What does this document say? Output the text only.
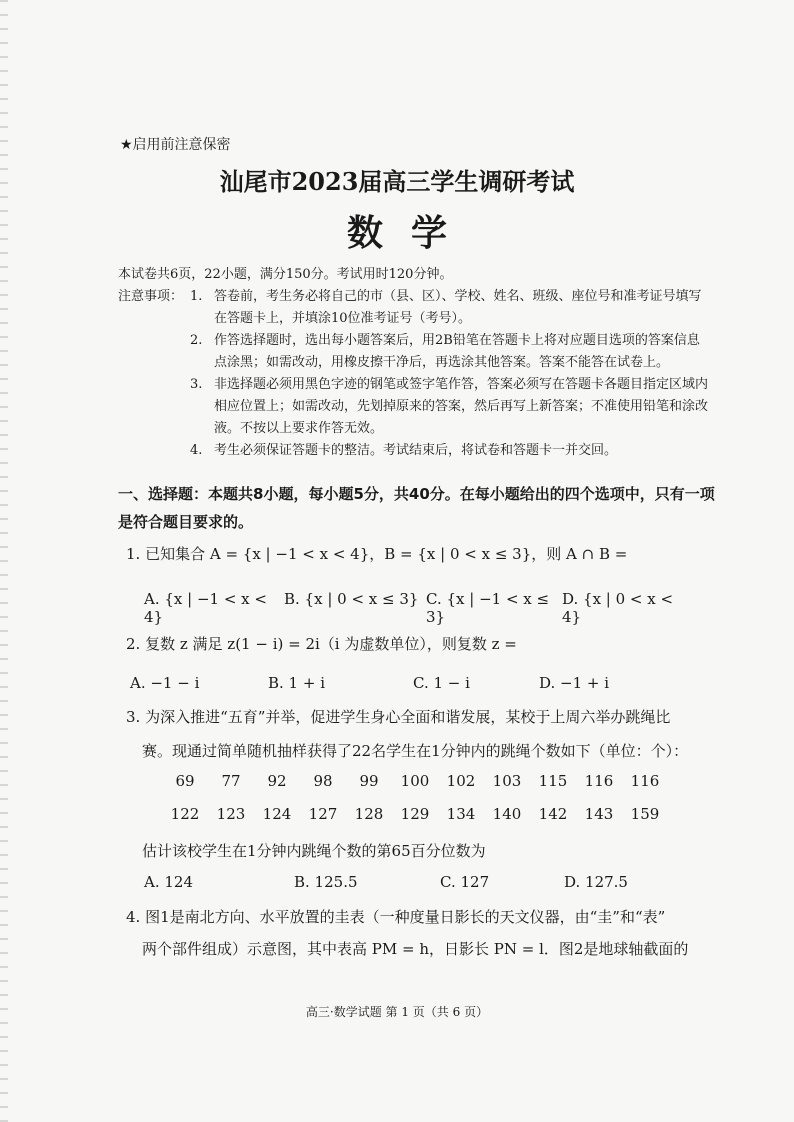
★启用前注意保密
汕尾市2023届高三学生调研考试
数学
本试卷共6页，22小题，满分150分。考试用时120分钟。
注意事项： 1. 答卷前，考生务必将自己的市（县、区）、学校、姓名、班级、座位号和准考证号填写在答题卡上，并填涂10位准考证号（考号）。
2. 作答选择题时，选出每小题答案后，用2B铅笔在答题卡上将对应题目选项的答案信息点涂黑；如需改动，用橡皮擦干净后，再选涂其他答案。答案不能答在试卷上。
3. 非选择题必须用黑色字迹的钢笔或签字笔作答，答案必须写在答题卡各题目指定区域内相应位置上；如需改动，先划掉原来的答案，然后再写上新答案；不准使用铅笔和涂改液。不按以上要求作答无效。
4. 考生必须保证答题卡的整洁。考试结束后，将试卷和答题卡一并交回。
一、选择题：本题共8小题，每小题5分，共40分。在每小题给出的四个选项中，只有一项是符合题目要求的。
1. 已知集合 A = {x | −1 < x < 4}，B = {x | 0 < x ≤ 3}，则 A ∩ B =
A. {x | −1 < x < 4}
B. {x | 0 < x ≤ 3} C. {x | −1 < x ≤ 3}
D. {x | 0 < x < 4}
2. 复数 z 满足 z(1 − i) = 2i（i 为虚数单位），则复数 z =
A. −1 − i	B. 1 + i	C. 1 − i	D. −1 + i
3. 为深入推进“五育”并举，促进学生身心全面和谐发展，某校于上周六举办跳绳比
赛。现通过简单随机抽样获得了22名学生在1分钟内的跳绳个数如下（单位：个）：
69	77	92	98	99	100	102	103	115	116	116
122	123	124	127	128	129	134	140	142	143	159
估计该校学生在1分钟内跳绳个数的第65百分位数为
A. 124	B. 125.5	C. 127	D. 127.5
4. 图1是南北方向、水平放置的圭表（一种度量日影长的天文仪器，由“圭”和“表”
两个部件组成）示意图，其中表高 PM = h，日影长 PN = l．图2是地球轴截面的
高三·数学试题 第 1 页（共 6 页）
